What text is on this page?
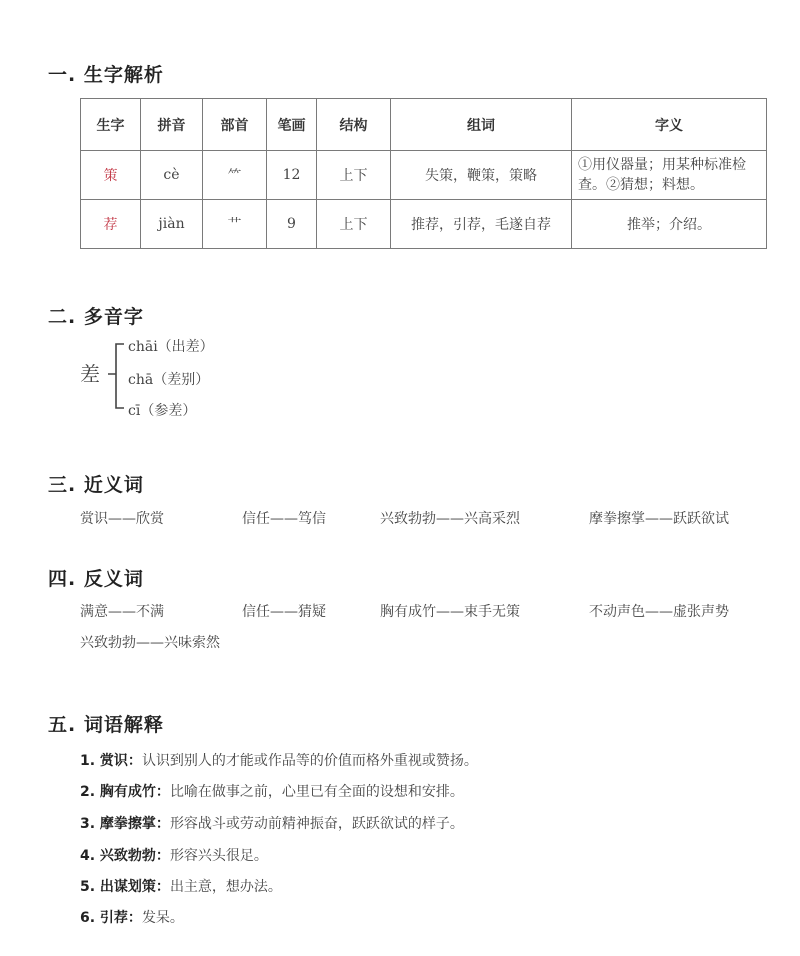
一. 生字解析
生字	拼音	部首	笔画	结构	组词	字义
策	cè	⺮	12	上下	失策，鞭策，策略	①用仪器量；用某种标准检查。②猜想；料想。
荐	jiàn	艹	9	上下	推荐，引荐，毛遂自荐	推举；介绍。
二. 多音字
差
chāi（出差）
chā（差别）
cī（参差）
三. 近义词
赏识——欣赏	信任——笃信	兴致勃勃——兴高采烈	摩拳擦掌——跃跃欲试
四. 反义词
满意——不满	信任——猜疑	胸有成竹——束手无策	不动声色——虚张声势
兴致勃勃——兴味索然
五. 词语解释
1. 赏识：认识到别人的才能或作品等的价值而格外重视或赞扬。
2. 胸有成竹：比喻在做事之前，心里已有全面的设想和安排。
3. 摩拳擦掌：形容战斗或劳动前精神振奋，跃跃欲试的样子。
4. 兴致勃勃：形容兴头很足。
5. 出谋划策：出主意，想办法。
6. 引荐：发呆。
